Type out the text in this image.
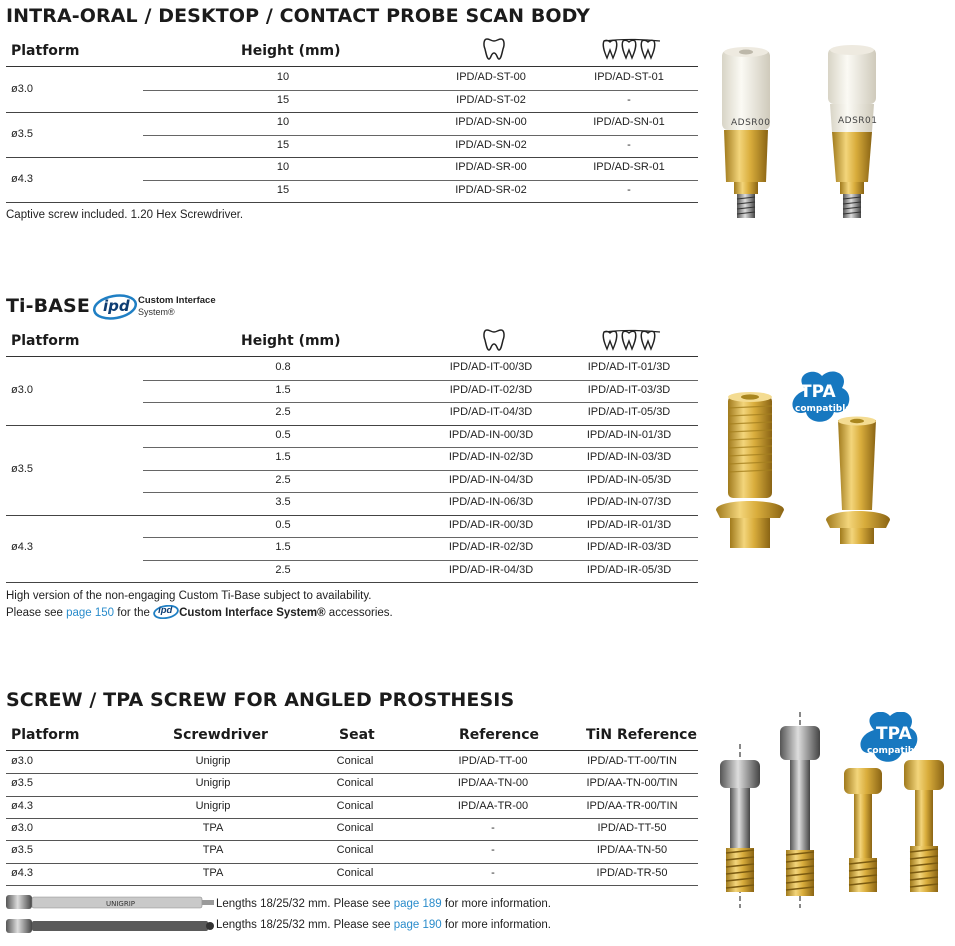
INTRA-ORAL / DESKTOP / CONTACT PROBE SCAN BODY
Platform	Height (mm)
ø3.0
10	IPD/AD-ST-00	IPD/AD-ST-01
15	IPD/AD-ST-02	-
ø3.5
10	IPD/AD-SN-00	IPD/AD-SN-01
15	IPD/AD-SN-02	-
ø4.3
10	IPD/AD-SR-00	IPD/AD-SR-01
15	IPD/AD-SR-02	-
Captive screw included. 1.20 Hex Screwdriver.
ADSR00	ADSR01
Ti-BASE ipd Custom Interface
System®
Platform	Height (mm)
ø3.0
0.8	IPD/AD-IT-00/3D	IPD/AD-IT-01/3D
1.5	IPD/AD-IT-02/3D	IPD/AD-IT-03/3D
2.5	IPD/AD-IT-04/3D	IPD/AD-IT-05/3D
ø3.5
0.5	IPD/AD-IN-00/3D	IPD/AD-IN-01/3D
1.5	IPD/AD-IN-02/3D	IPD/AD-IN-03/3D
2.5	IPD/AD-IN-04/3D	IPD/AD-IN-05/3D
3.5	IPD/AD-IN-06/3D	IPD/AD-IN-07/3D
ø4.3
0.5	IPD/AD-IR-00/3D	IPD/AD-IR-01/3D
1.5	IPD/AD-IR-02/3D	IPD/AD-IR-03/3D
2.5	IPD/AD-IR-04/3D	IPD/AD-IR-05/3D
High version of the non-engaging Custom Ti-Base subject to availability.
Please see page 150 for the ipd Custom Interface System® accessories.
TPA
compatible
SCREW / TPA SCREW FOR ANGLED PROSTHESIS
Platform	Screwdriver	Seat	Reference	TiN Reference
ø3.0	Unigrip	Conical	IPD/AD-TT-00	IPD/AD-TT-00/TIN
ø3.5	Unigrip	Conical	IPD/AA-TN-00	IPD/AA-TN-00/TIN
ø4.3	Unigrip	Conical	IPD/AA-TR-00	IPD/AA-TR-00/TIN
ø3.0	TPA	Conical	-	IPD/AD-TT-50
ø3.5	TPA	Conical	-	IPD/AA-TN-50
ø4.3	TPA	Conical	-	IPD/AD-TR-50
UNIGRIP	Lengths 18/25/32 mm. Please see page 189 for more information.
Lengths 18/25/32 mm. Please see page 190 for more information.
TPA
compatible
